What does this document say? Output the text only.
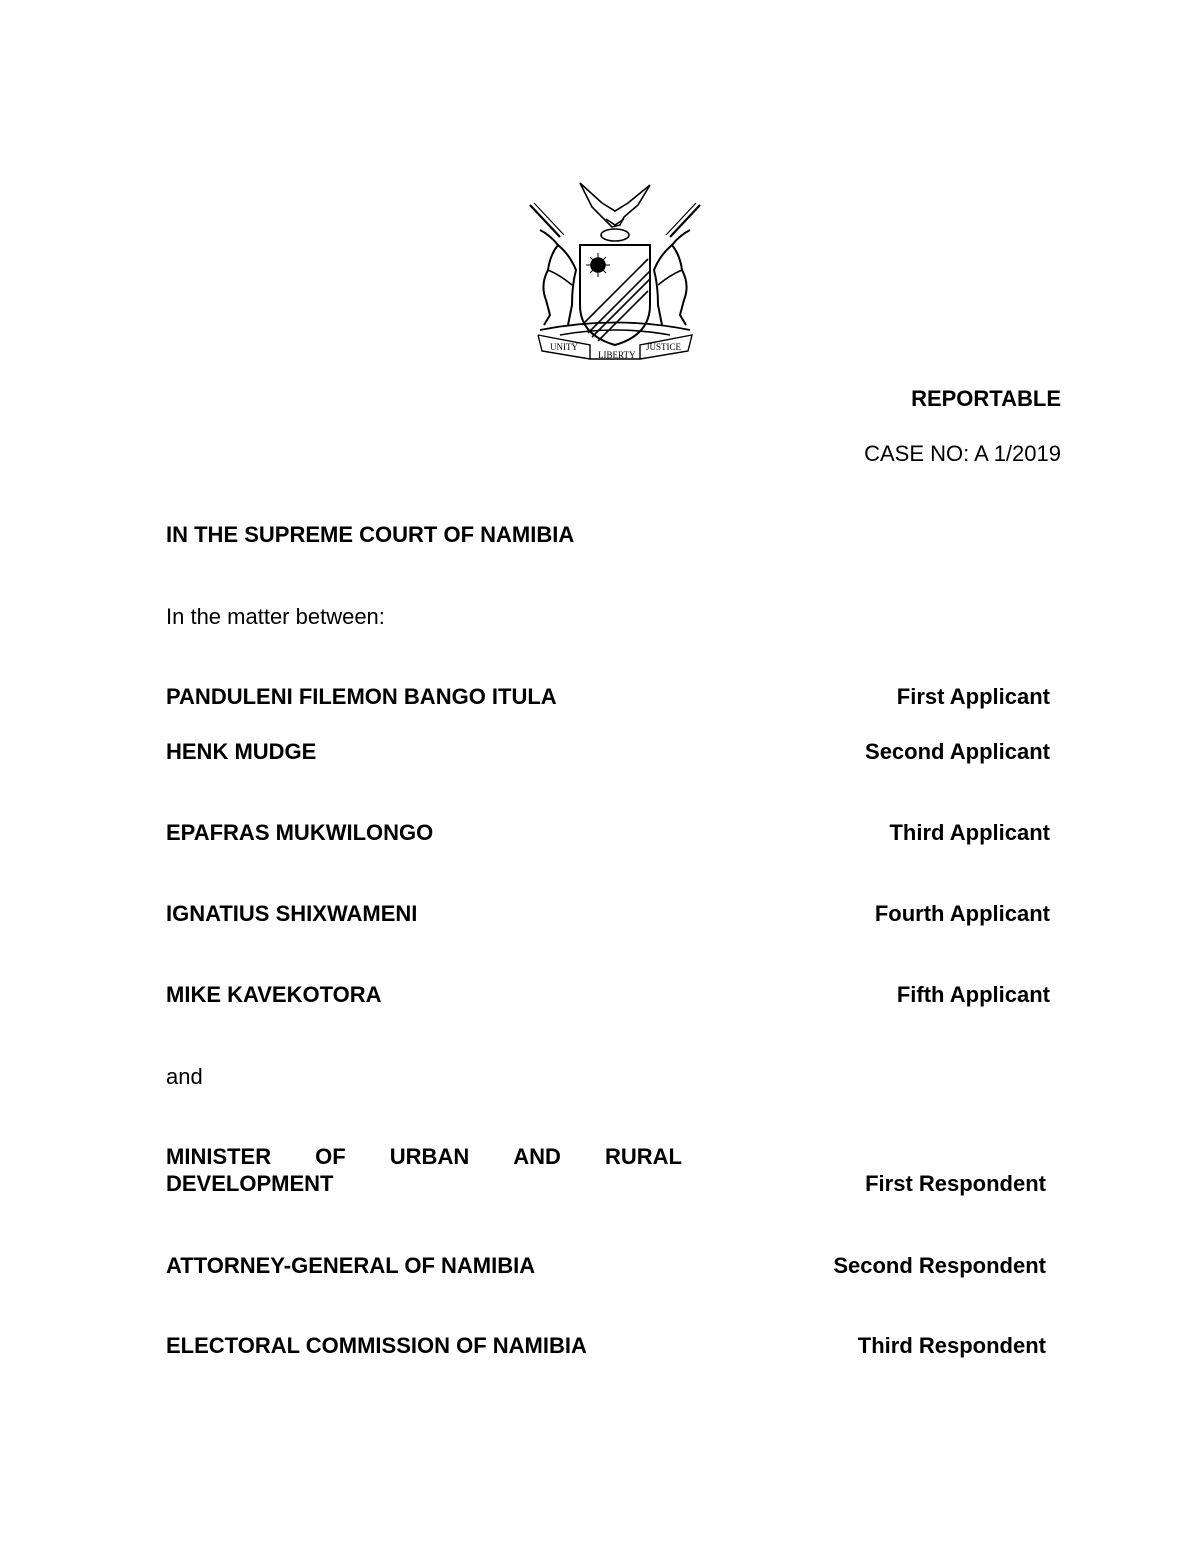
UNITY
LIBERTY
JUSTICE
REPORTABLE
CASE NO: A 1/2019
IN THE SUPREME COURT OF NAMIBIA
In the matter between:
PANDULENI FILEMON BANGO ITULA	First Applicant
HENK MUDGE	Second Applicant
EPAFRAS MUKWILONGO	Third Applicant
IGNATIUS SHIXWAMENI	Fourth Applicant
MIKE KAVEKOTORA	Fifth Applicant
and
MINISTER OF URBAN AND RURAL
DEVELOPMENT	First Respondent
ATTORNEY-GENERAL OF NAMIBIA	Second Respondent
ELECTORAL COMMISSION OF NAMIBIA	Third Respondent
